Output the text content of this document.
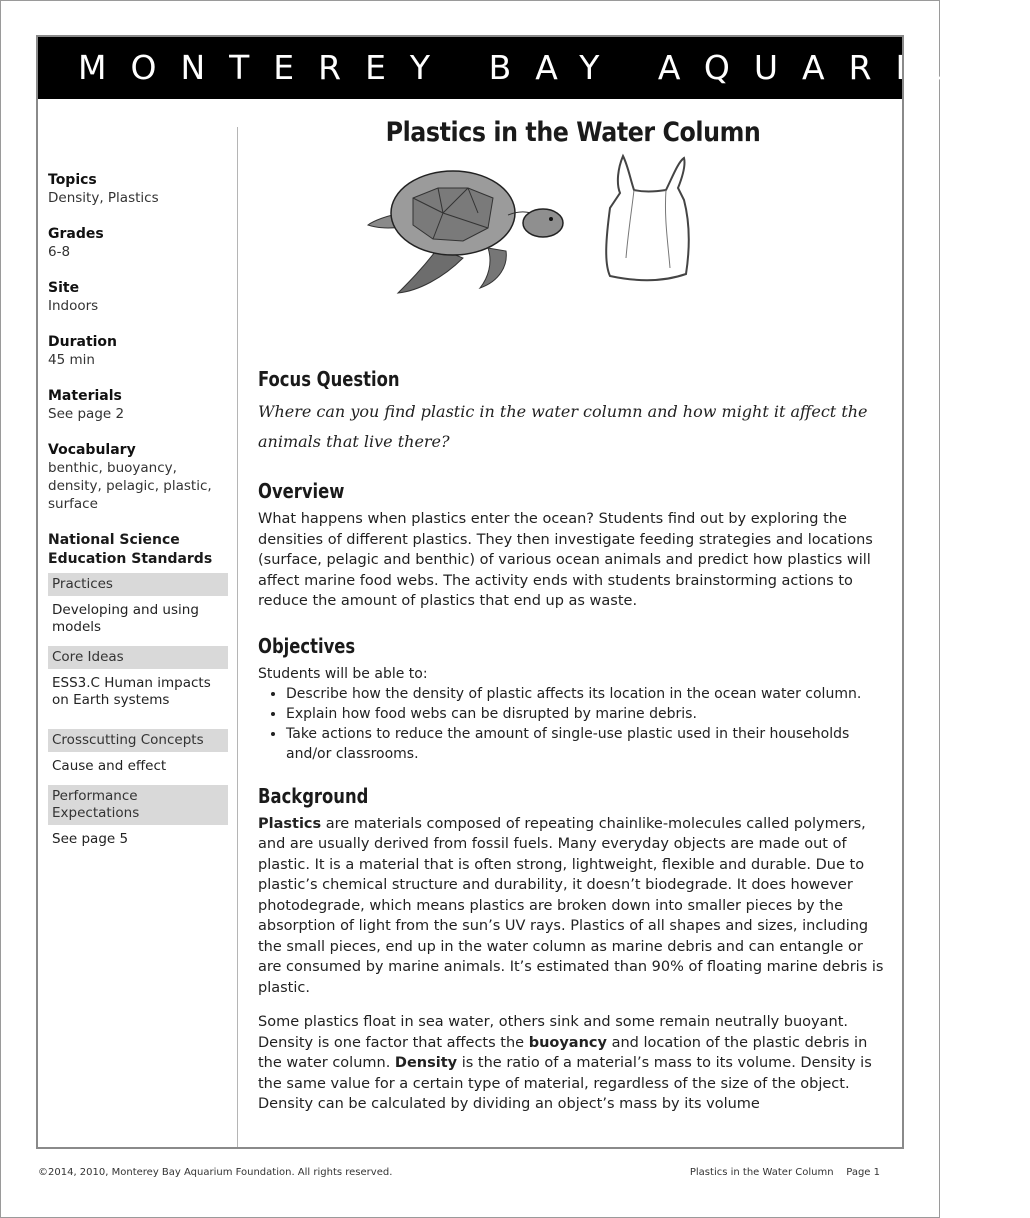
MONTEREY BAY AQUARIUM
Topics
Density, Plastics
Grades
6-8
Site
Indoors
Duration
45 min
Materials
See page 2
Vocabulary
benthic, buoyancy, density, pelagic, plastic, surface
National Science Education Standards
Practices
Developing and using models
Core Ideas
ESS3.C Human impacts on Earth systems
Crosscutting Concepts
Cause and effect
Performance Expectations
See page 5
Plastics in the Water Column
Focus Question
Where can you find plastic in the water column and how might it affect the animals that live there?
Overview
What happens when plastics enter the ocean? Students find out by exploring the densities of different plastics. They then investigate feeding strategies and locations (surface, pelagic and benthic) of various ocean animals and predict how plastics will affect marine food webs. The activity ends with students brainstorming actions to reduce the amount of plastics that end up as waste.
Objectives
Students will be able to:
• Describe how the density of plastic affects its location in the ocean water column.
• Explain how food webs can be disrupted by marine debris.
• Take actions to reduce the amount of single-use plastic used in their households and/or classrooms.
Background
Plastics are materials composed of repeating chainlike-molecules called polymers, and are usually derived from fossil fuels. Many everyday objects are made out of plastic. It is a material that is often strong, lightweight, flexible and durable. Due to plastic’s chemical structure and durability, it doesn’t biodegrade. It does however photodegrade, which means plastics are broken down into smaller pieces by the absorption of light from the sun’s UV rays. Plastics of all shapes and sizes, including the small pieces, end up in the water column as marine debris and can entangle or are consumed by marine animals. It’s estimated than 90% of floating marine debris is plastic.
Some plastics float in sea water, others sink and some remain neutrally buoyant. Density is one factor that affects the buoyancy and location of the plastic debris in the water column. Density is the ratio of a material’s mass to its volume. Density is the same value for a certain type of material, regardless of the size of the object. Density can be calculated by dividing an object’s mass by its volume
©2014, 2010, Monterey Bay Aquarium Foundation. All rights reserved.	Plastics in the Water Column Page 1
